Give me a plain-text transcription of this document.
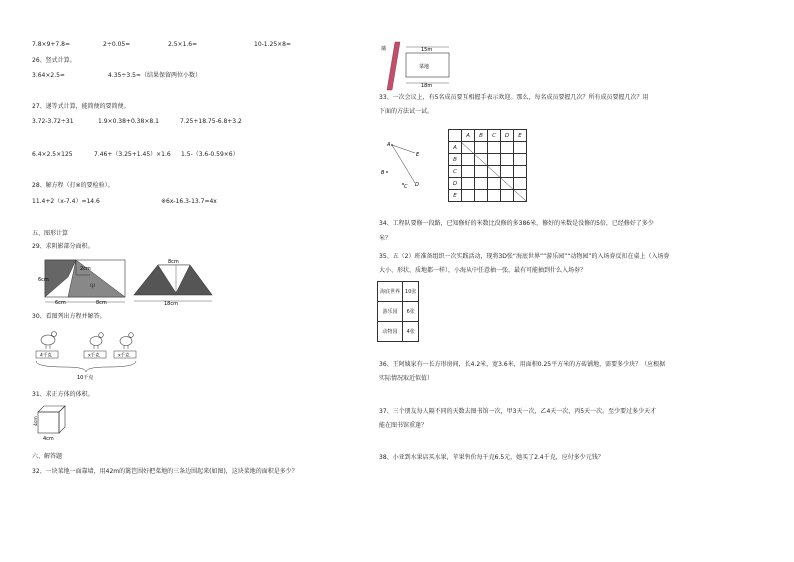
7.8×9+7.8=	2÷0.05=	2.5×1.6=	10-1.25×8=
26、竖式计算。
3.64×2.5=	4.35÷3.5≈（结果保留两位小数）
27、递等式计算，能简便的要简便。
3.72-3.72÷31	1.9×0.38+0.38×8.1	7.25+18.75-6.8+3.2
6.4×2.5×125	7.46+（3.25+1.45）×1.6 1.5-（3.6-0.59×6）
28、解方程（打※的要检验）。
11.4+2（x-7.4）=14.6	※6x-16.3-13.7=4x
五、图形计算
29、求阴影部分面积。
6cm
2cm
甲
6cm	8cm
8cm
18cm
30、看图列出方程并解答。
4千克	x千克	x千克
10千克
31、求正方体的体积。
4cm
4cm
六、解答题
32、一块菜地一面靠墙，用42m的篱笆围好把菜地的三条边围起来(如图)，这块菜地的面积是多少？
墙	15m
菜地
18m
33、一次会议上，有5名成员要互相握手表示欢迎。那么，每名成员要握几次？所有成员要握几次？用
下面的方法试一试。
A
B
C D
E
	A	B	C	D	E
A					
B					
C					
D					
E					
34、工程队要修一段路，已知修好的米数比没修的多386米，修好的米数是没修的5倍，已经修好了多少
米？
35、五（2）班准备组织一次实践活动，现将3D张“海底世界”“游乐园”“动物园”的入场券反扣在桌上（入场券
大小、形状、质地都一样），小海从中任意抽一张，最有可能抽到什么入场券？
海底世界	10张
游乐园	6张
动物园	4张
36、王阿姨家有一长方形房间，长4.2米，宽3.6米，用面积0.25平方米的方砖铺地，需要多少块？（应根据
实际情况取近似值）
37、三个朋友每人隔不同的天数去图书馆一次，甲3天一次，乙4天一次，丙5天一次。至少要过多少天才
能在图书馆重逢？
38、小亚到水果店买水果，苹果售价每千克6.5元，她买了2.4千克，应付多少元钱？
